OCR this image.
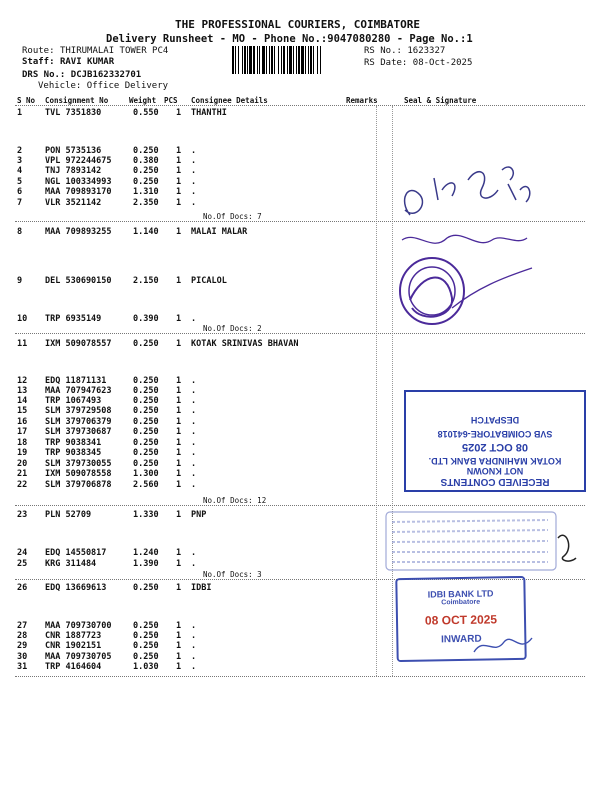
THE PROFESSIONAL COURIERS, COIMBATORE
Delivery Runsheet - MO - Phone No.:9047080280 - Page No.:1
Route: THIRUMALAI TOWER PC4
Staff: RAVI KUMAR
DRS No.: DCJB162332701
Vehicle: Office Delivery
RS No.: 1623327
RS Date: 08-Oct-2025
S No Consignment No	Weight PCS Consignee Details	Remarks	Seal & Signature
1	TVL 7351830	0.550 1 THANTHI
2	PON 5735136	0.250 1 .
3	VPL 972244675	0.380 1 .
4	TNJ 7893142	0.250 1 .
5	NGL 100334993	0.250 1 .
6	MAA 709893170	1.310 1 .
7	VLR 3521142	2.350 1 .
8	MAA 709893255	1.140 1 MALAI MALAR
9	DEL 530690150	2.150 1 PICALOL
10 TRP 6935149	0.390 1 .
11 IXM 509078557	0.250 1 KOTAK SRINIVAS BHAVAN
12 EDQ 11871131	0.250 1 .
13 MAA 707947623	0.250 1 .
14 TRP 1067493	0.250 1 .
15 SLM 379729508	0.250 1 .
16 SLM 379706379	0.250 1 .
17 SLM 379730687	0.250 1 .
18 TRP 9038341	0.250 1 .
19 TRP 9038345	0.250 1 .
20 SLM 379730055	0.250 1 .
21 IXM 509078558	1.300 1 .
22 SLM 379706878	2.560 1 .
23 PLN 52709	1.330 1 PNP
24 EDQ 14550817	1.240 1 .
25 KRG 311484	1.390 1 .
26 EDQ 13669613	0.250 1 IDBI
27 MAA 709730700	0.250 1 .
28 CNR 1887723	0.250 1 .
29 CNR 1902151	0.250 1 .
30 MAA 709730705	0.250 1 .
31 TRP 4164604	1.030 1 .
No.Of Docs: 7
No.Of Docs: 2
No.Of Docs: 12
No.Of Docs: 3
RECEIVED CONTENTS
NOT KNOWN
KOTAK MAHINDRA BANK LTD.
08 OCT 2025
SVB COIMBATORE-641018
DESPATCH
IDBI BANK LTD
Coimbatore
08 OCT 2025
INWARD
